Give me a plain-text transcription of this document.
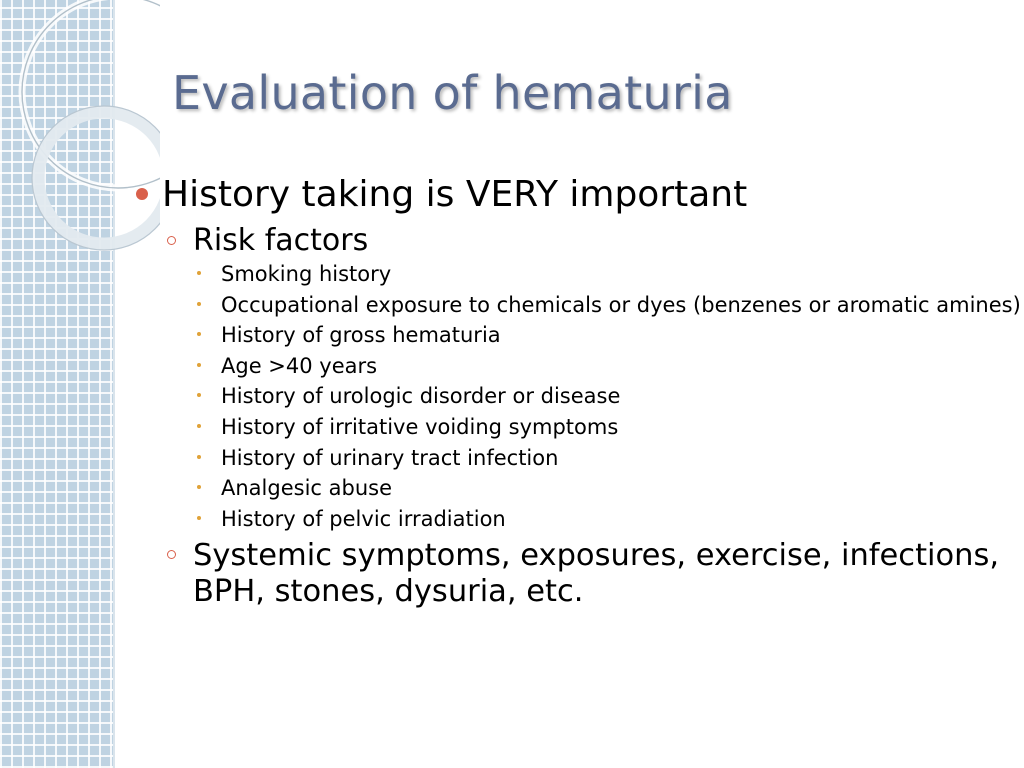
Evaluation of hematuria
History taking is VERY important
Risk factors
Smoking history
Occupational exposure to chemicals or dyes (benzenes or aromatic amines)
History of gross hematuria
Age >40 years
History of urologic disorder or disease
History of irritative voiding symptoms
History of urinary tract infection
Analgesic abuse
History of pelvic irradiation
Systemic symptoms, exposures, exercise, infections, BPH, stones, dysuria, etc.
